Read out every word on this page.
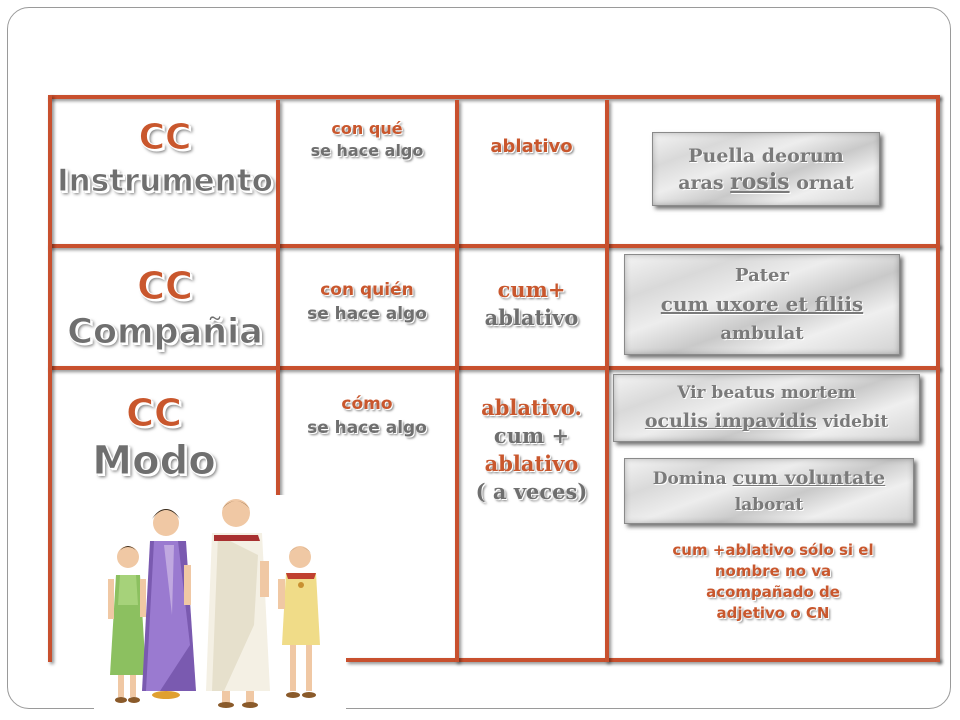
CC
Instrumento
con qué
se hace algo	ablativo	Puella deorum
aras rosis ornat
CC
Compañia
con quién
se hace algo
cum+
ablativo
Pater
cum uxore et filiis
ambulat
CC
Modo
cómo
se hace algo
ablativo.
cum +
ablativo
( a veces)
Vir beatus mortem
oculis impavidis videbit
Domina cum voluntate
laborat
cum +ablativo sólo si el
nombre no va
acompañado de
adjetivo o CN
